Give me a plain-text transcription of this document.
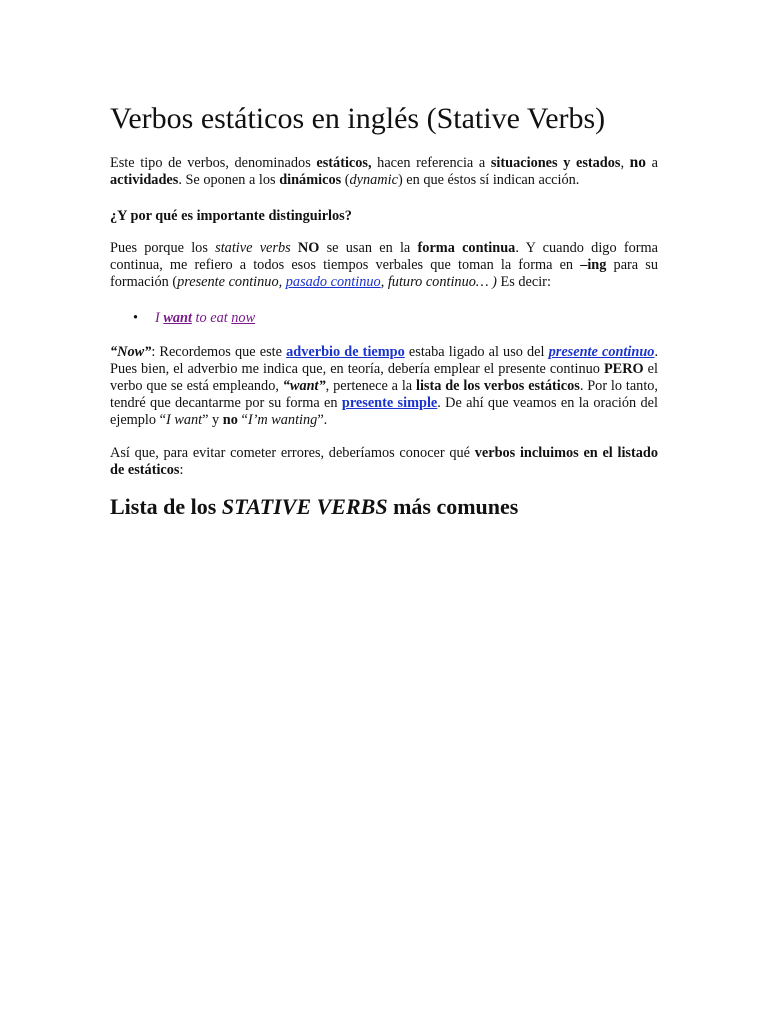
Verbos estáticos en inglés (Stative Verbs)

Este tipo de verbos, denominados estáticos, hacen referencia a situaciones y estados, no a actividades. Se oponen a los dinámicos (dynamic) en que éstos sí indican acción.

¿Y por qué es importante distinguirlos?

Pues porque los stative verbs NO se usan en la forma continua. Y cuando digo forma continua, me refiero a todos esos tiempos verbales que toman la forma en –ing para su formación (presente continuo, pasado continuo, futuro continuo… ) Es decir:

• I want to eat now

“Now”: Recordemos que este adverbio de tiempo estaba ligado al uso del presente continuo. Pues bien, el adverbio me indica que, en teoría, debería emplear el presente continuo PERO el verbo que se está empleando, “want”, pertenece a la lista de los verbos estáticos. Por lo tanto, tendré que decantarme por su forma en presente simple. De ahí que veamos en la oración del ejemplo “I want” y no “I’m wanting”.

Así que, para evitar cometer errores, deberíamos conocer qué verbos incluimos en el listado de estáticos:

Lista de los STATIVE VERBS más comunes
